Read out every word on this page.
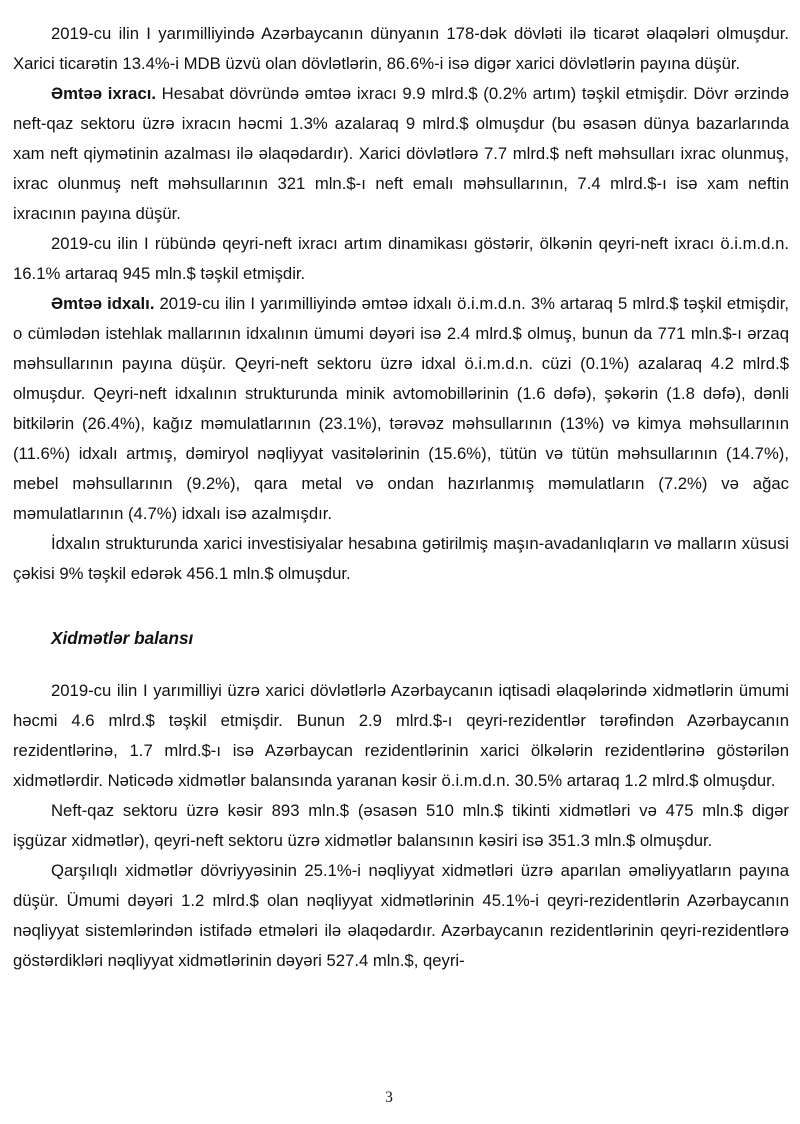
2019-cu ilin I yarımilliyində Azərbaycanın dünyanın 178-dək dövləti ilə ticarət əlaqələri olmuşdur. Xarici ticarətin 13.4%-i MDB üzvü olan dövlətlərin, 86.6%-i isə digər xarici dövlətlərin payına düşür.

Əmtəə ixracı. Hesabat dövründə əmtəə ixracı 9.9 mlrd.$ (0.2% artım) təşkil etmişdir. Dövr ərzində neft-qaz sektoru üzrə ixracın həcmi 1.3% azalaraq 9 mlrd.$ olmuşdur (bu əsasən dünya bazarlarında xam neft qiymətinin azalması ilə əlaqədardır). Xarici dövlətlərə 7.7 mlrd.$ neft məhsulları ixrac olunmuş, ixrac olunmuş neft məhsullarının 321 mln.$-ı neft emalı məhsullarının, 7.4 mlrd.$-ı isə xam neftin ixracının payına düşür.

2019-cu ilin I rübündə qeyri-neft ixracı artım dinamikası göstərir, ölkənin qeyri-neft ixracı ö.i.m.d.n. 16.1% artaraq 945 mln.$ təşkil etmişdir.

Əmtəə idxalı. 2019-cu ilin I yarımilliyində əmtəə idxalı ö.i.m.d.n. 3% artaraq 5 mlrd.$ təşkil etmişdir, o cümlədən istehlak mallarının idxalının ümumi dəyəri isə 2.4 mlrd.$ olmuş, bunun da 771 mln.$-ı ərzaq məhsullarının payına düşür. Qeyri-neft sektoru üzrə idxal ö.i.m.d.n. cüzi (0.1%) azalaraq 4.2 mlrd.$ olmuşdur. Qeyri-neft idxalının strukturunda minik avtomobillərinin (1.6 dəfə), şəkərin (1.8 dəfə), dənli bitkilərin (26.4%), kağız məmulatlarının (23.1%), tərəvəz məhsullarının (13%) və kimya məhsullarının (11.6%) idxalı artmış, dəmiryol nəqliyyat vasitələrinin (15.6%), tütün və tütün məhsullarının (14.7%), mebel məhsullarının (9.2%), qara metal və ondan hazırlanmış məmulatların (7.2%) və ağac məmulatlarının (4.7%) idxalı isə azalmışdır.

İdxalın strukturunda xarici investisiyalar hesabına gətirilmiş maşın-avadanlıqların və malların xüsusi çəkisi 9% təşkil edərək 456.1 mln.$ olmuşdur.

Xidmətlər balansı

2019-cu ilin I yarımilliyi üzrə xarici dövlətlərlə Azərbaycanın iqtisadi əlaqələrində xidmətlərin ümumi həcmi 4.6 mlrd.$ təşkil etmişdir. Bunun 2.9 mlrd.$-ı qeyri-rezidentlər tərəfindən Azərbaycanın rezidentlərinə, 1.7 mlrd.$-ı isə Azərbaycan rezidentlərinin xarici ölkələrin rezidentlərinə göstərilən xidmətlərdir. Nəticədə xidmətlər balansında yaranan kəsir ö.i.m.d.n. 30.5% artaraq 1.2 mlrd.$ olmuşdur.

Neft-qaz sektoru üzrə kəsir 893 mln.$ (əsasən 510 mln.$ tikinti xidmətləri və 475 mln.$ digər işgüzar xidmətlər), qeyri-neft sektoru üzrə xidmətlər balansının kəsiri isə 351.3 mln.$ olmuşdur.

Qarşılıqlı xidmətlər dövriyyəsinin 25.1%-i nəqliyyat xidmətləri üzrə aparılan əməliyyatların payına düşür. Ümumi dəyəri 1.2 mlrd.$ olan nəqliyyat xidmətlərinin 45.1%-i qeyri-rezidentlərin Azərbaycanın nəqliyyat sistemlərindən istifadə etmələri ilə əlaqədardır. Azərbaycanın rezidentlərinin qeyri-rezidentlərə göstərdikləri nəqliyyat xidmətlərinin dəyəri 527.4 mln.$, qeyri-

3
